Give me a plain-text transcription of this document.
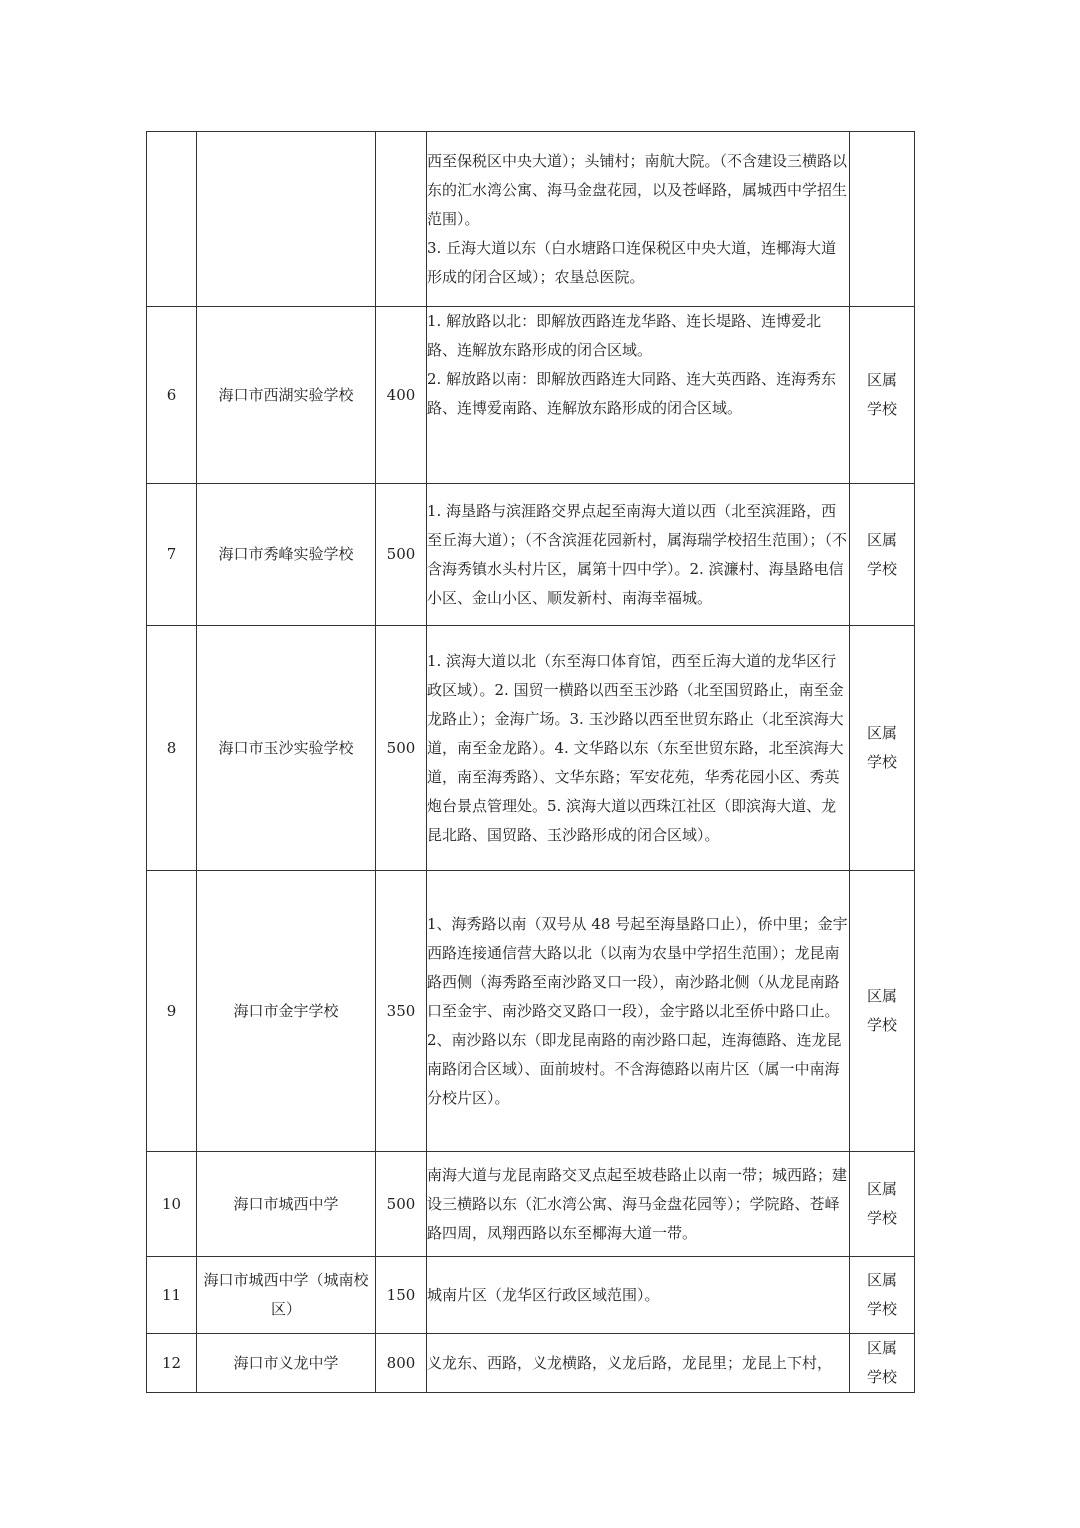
			西至保税区中央大道）；头铺村；南航大院。（不含建设三横路以东的汇水湾公寓、海马金盘花园，以及苍峄路，属城西中学招生范围）。
3. 丘海大道以东（白水塘路口连保税区中央大道，连椰海大道形成的闭合区域）；农垦总医院。	

6	海口市西湖实验学校	400	1. 解放路以北：即解放西路连龙华路、连长堤路、连博爱北路、连解放东路形成的闭合区域。
2. 解放路以南：即解放西路连大同路、连大英西路、连海秀东路、连博爱南路、连解放东路形成的闭合区域。	区属学校
7	海口市秀峰实验学校	500	1. 海垦路与滨涯路交界点起至南海大道以西（北至滨涯路，西至丘海大道）；（不含滨涯花园新村，属海瑞学校招生范围）；（不含海秀镇水头村片区，属第十四中学）。2. 滨濂村、海垦路电信小区、金山小区、顺发新村、南海幸福城。	区属学校
8	海口市玉沙实验学校	500	1. 滨海大道以北（东至海口体育馆，西至丘海大道的龙华区行政区域）。2. 国贸一横路以西至玉沙路（北至国贸路止，南至金龙路止）；金海广场。3. 玉沙路以西至世贸东路止（北至滨海大道，南至金龙路）。4. 文华路以东（东至世贸东路，北至滨海大道，南至海秀路）、文华东路；军安花苑，华秀花园小区、秀英炮台景点管理处。5. 滨海大道以西珠江社区（即滨海大道、龙昆北路、国贸路、玉沙路形成的闭合区域）。	区属学校
9	海口市金宇学校	350	1、海秀路以南（双号从 48 号起至海垦路口止），侨中里；金宇西路连接通信营大路以北（以南为农垦中学招生范围）；龙昆南路西侧（海秀路至南沙路叉口一段），南沙路北侧（从龙昆南路口至金宇、南沙路交叉路口一段），金宇路以北至侨中路口止。
2、南沙路以东（即龙昆南路的南沙路口起，连海德路、连龙昆南路闭合区域）、面前坡村。不含海德路以南片区（属一中南海分校片区）。	区属学校
10	海口市城西中学	500	南海大道与龙昆南路交叉点起至坡巷路止以南一带；城西路；建设三横路以东（汇水湾公寓、海马金盘花园等）；学院路、苍峄路四周，凤翔西路以东至椰海大道一带。	区属学校
11	海口市城西中学（城南校区）	150	城南片区（龙华区行政区域范围）。	区属学校
12	海口市义龙中学	800	义龙东、西路，义龙横路，义龙后路，龙昆里；龙昆上下村，	区属学校
